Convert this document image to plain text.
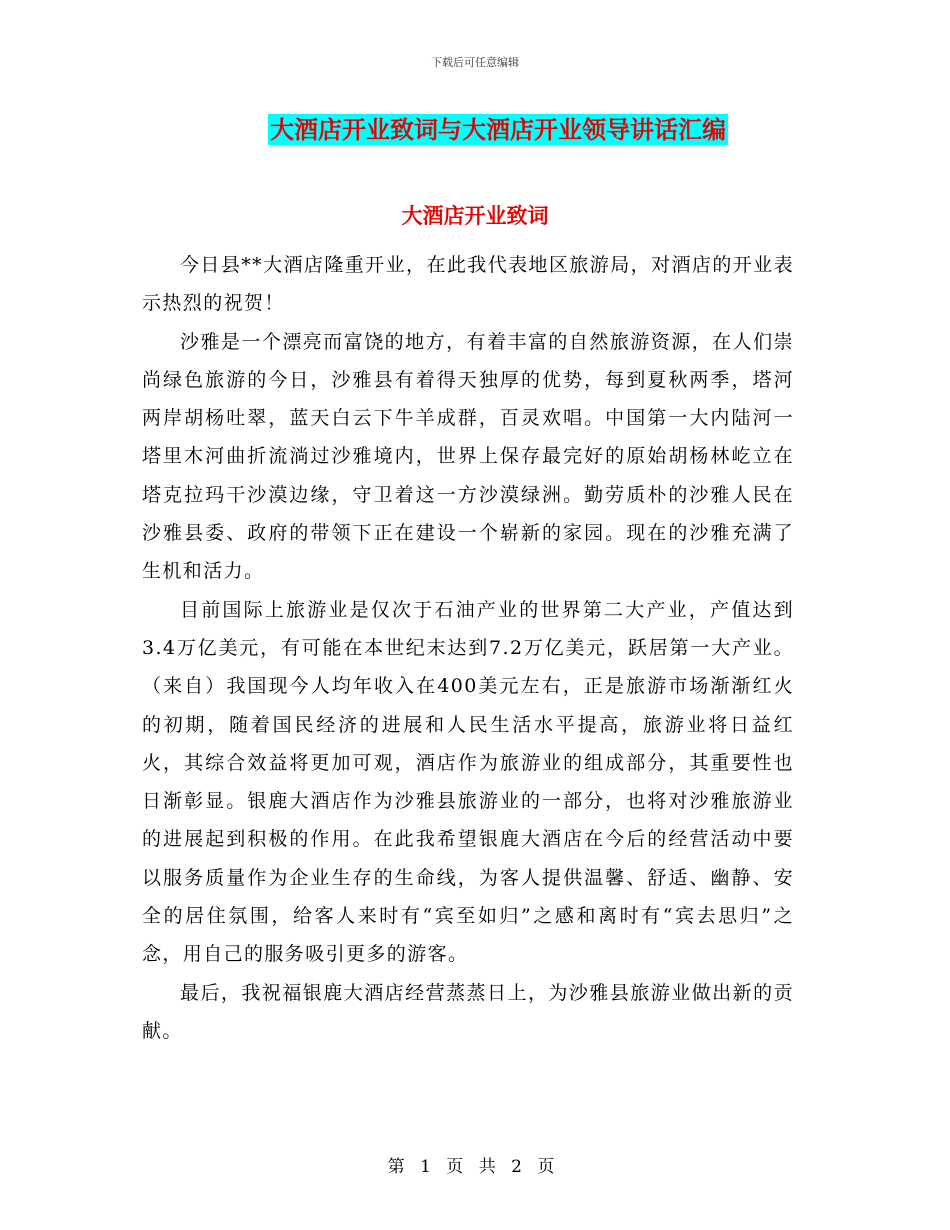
下载后可任意编辑
大酒店开业致词与大酒店开业领导讲话汇编
大酒店开业致词

今日县**大酒店隆重开业，在此我代表地区旅游局，对酒店的开业表示热烈的祝贺！

沙雅是一个漂亮而富饶的地方，有着丰富的自然旅游资源，在人们崇尚绿色旅游的今日，沙雅县有着得天独厚的优势，每到夏秋两季，塔河两岸胡杨吐翠，蓝天白云下牛羊成群，百灵欢唱。中国第一大内陆河一塔里木河曲折流淌过沙雅境内，世界上保存最完好的原始胡杨林屹立在塔克拉玛干沙漠边缘，守卫着这一方沙漠绿洲。勤劳质朴的沙雅人民在沙雅县委、政府的带领下正在建设一个崭新的家园。现在的沙雅充满了生机和活力。

目前国际上旅游业是仅次于石油产业的世界第二大产业，产值达到3.4万亿美元，有可能在本世纪末达到7.2万亿美元，跃居第一大产业。（来自）我国现今人均年收入在400美元左右，正是旅游市场渐渐红火的初期，随着国民经济的进展和人民生活水平提高，旅游业将日益红火，其综合效益将更加可观，酒店作为旅游业的组成部分，其重要性也日渐彰显。银鹿大酒店作为沙雅县旅游业的一部分，也将对沙雅旅游业的进展起到积极的作用。在此我希望银鹿大酒店在今后的经营活动中要以服务质量作为企业生存的生命线，为客人提供温馨、舒适、幽静、安全的居住氛围，给客人来时有“宾至如归”之感和离时有“宾去思归”之念，用自己的服务吸引更多的游客。

最后，我祝福银鹿大酒店经营蒸蒸日上，为沙雅县旅游业做出新的贡献。

第 1 页 共 2 页
